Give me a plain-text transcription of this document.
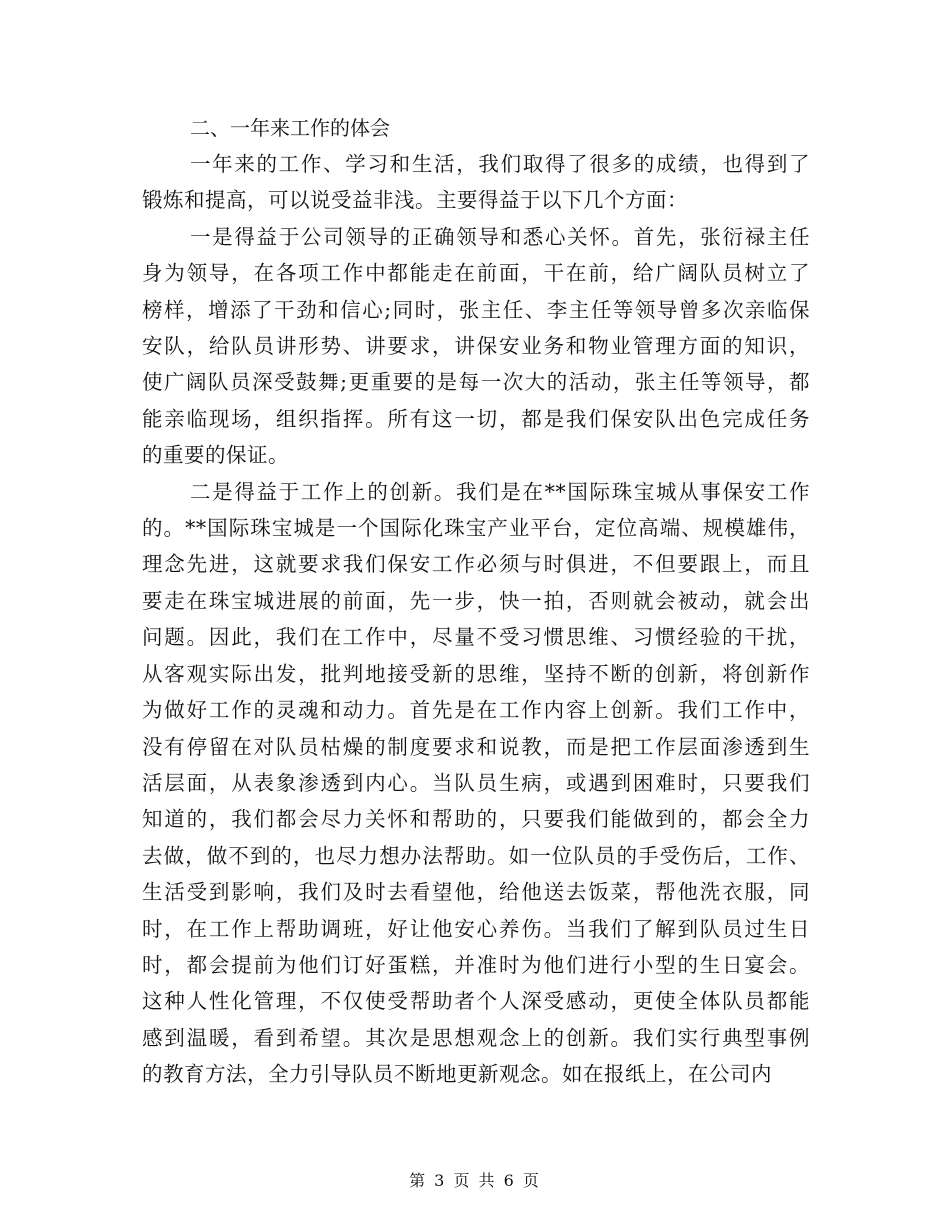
二、一年来工作的体会
一年来的工作、学习和生活，我们取得了很多的成绩，也得到了
锻炼和提高，可以说受益非浅。主要得益于以下几个方面：
一是得益于公司领导的正确领导和悉心关怀。首先，张衍禄主任
身为领导，在各项工作中都能走在前面，干在前，给广阔队员树立了
榜样，增添了干劲和信心;同时，张主任、李主任等领导曾多次亲临保
安队，给队员讲形势、讲要求，讲保安业务和物业管理方面的知识，
使广阔队员深受鼓舞;更重要的是每一次大的活动，张主任等领导，都
能亲临现场，组织指挥。所有这一切，都是我们保安队出色完成任务
的重要的保证。
二是得益于工作上的创新。我们是在**国际珠宝城从事保安工作
的。**国际珠宝城是一个国际化珠宝产业平台，定位高端、规模雄伟，
理念先进，这就要求我们保安工作必须与时俱进，不但要跟上，而且
要走在珠宝城进展的前面，先一步，快一拍，否则就会被动，就会出
问题。因此，我们在工作中，尽量不受习惯思维、习惯经验的干扰，
从客观实际出发，批判地接受新的思维，坚持不断的创新，将创新作
为做好工作的灵魂和动力。首先是在工作内容上创新。我们工作中，
没有停留在对队员枯燥的制度要求和说教，而是把工作层面渗透到生
活层面，从表象渗透到内心。当队员生病，或遇到困难时，只要我们
知道的，我们都会尽力关怀和帮助的，只要我们能做到的，都会全力
去做，做不到的，也尽力想办法帮助。如一位队员的手受伤后，工作、
生活受到影响，我们及时去看望他，给他送去饭菜，帮他洗衣服，同
时，在工作上帮助调班，好让他安心养伤。当我们了解到队员过生日
时，都会提前为他们订好蛋糕，并准时为他们进行小型的生日宴会。
这种人性化管理，不仅使受帮助者个人深受感动，更使全体队员都能
感到温暖，看到希望。其次是思想观念上的创新。我们实行典型事例
的教育方法，全力引导队员不断地更新观念。如在报纸上，在公司内
第 3 页 共 6 页
